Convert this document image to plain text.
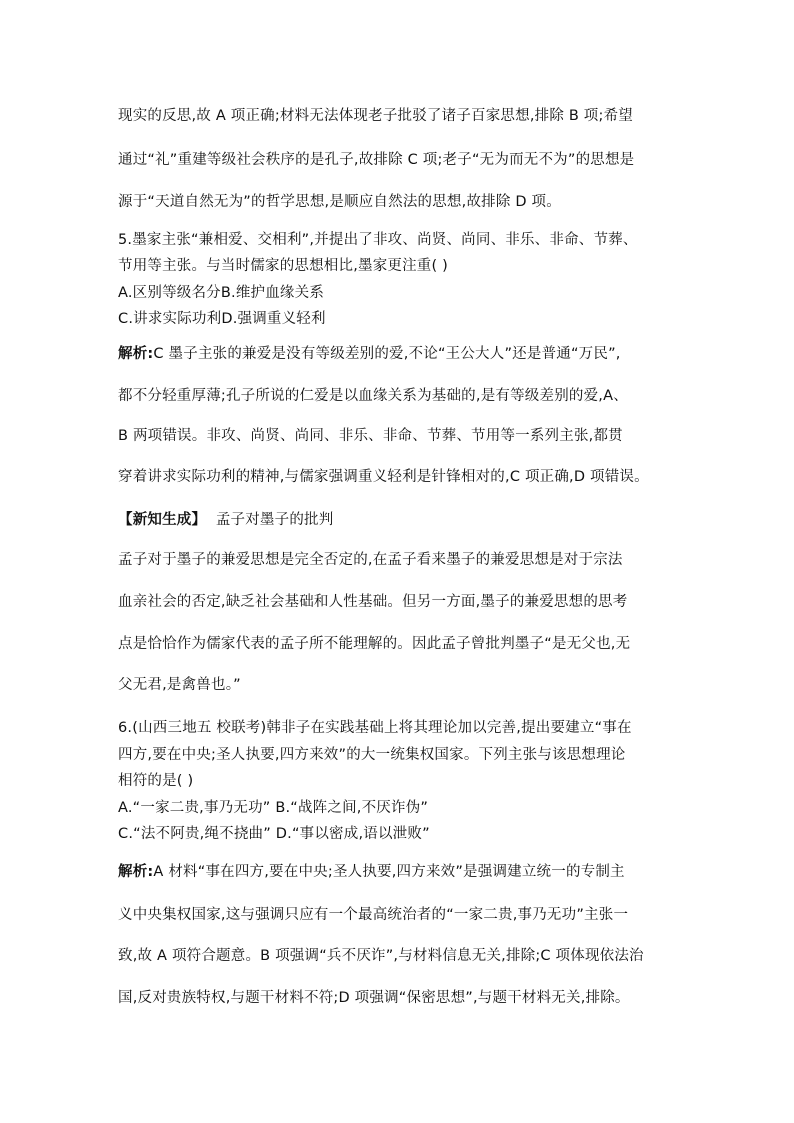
现实的反思,故 A 项正确;材料无法体现老子批驳了诸子百家思想,排除 B 项;希望
通过“礼”重建等级社会秩序的是孔子,故排除 C 项;老子“无为而无不为”的思想是
源于“天道自然无为”的哲学思想,是顺应自然法的思想,故排除 D 项。
5.墨家主张“兼相爱、交相利”,并提出了非攻、尚贤、尚同、非乐、非命、节葬、
节用等主张。与当时儒家的思想相比,墨家更注重( )
A.区别等级名分B.维护血缘关系
C.讲求实际功利D.强调重义轻利
解析:C 墨子主张的兼爱是没有等级差别的爱,不论“王公大人”还是普通“万民”,
都不分轻重厚薄;孔子所说的仁爱是以血缘关系为基础的,是有等级差别的爱,A、
B 两项错误。非攻、尚贤、尚同、非乐、非命、节葬、节用等一系列主张,都贯
穿着讲求实际功利的精神,与儒家强调重义轻利是针锋相对的,C 项正确,D 项错误。
【新知生成】 孟子对墨子的批判
孟子对于墨子的兼爱思想是完全否定的,在孟子看来墨子的兼爱思想是对于宗法
血亲社会的否定,缺乏社会基础和人性基础。但另一方面,墨子的兼爱思想的思考
点是恰恰作为儒家代表的孟子所不能理解的。因此孟子曾批判墨子“是无父也,无
父无君,是禽兽也。”
6.(山西三地五 校联考)韩非子在实践基础上将其理论加以完善,提出要建立“事在
四方,要在中央;圣人执要,四方来效”的大一统集权国家。下列主张与该思想理论
相符的是( )
A.“一家二贵,事乃无功” B.“战阵之间,不厌诈伪”
C.“法不阿贵,绳不挠曲” D.“事以密成,语以泄败”
解析:A 材料“事在四方,要在中央;圣人执要,四方来效”是强调建立统一的专制主
义中央集权国家,这与强调只应有一个最高统治者的“一家二贵,事乃无功”主张一
致,故 A 项符合题意。B 项强调“兵不厌诈”,与材料信息无关,排除;C 项体现依法治
国,反对贵族特权,与题干材料不符;D 项强调“保密思想”,与题干材料无关,排除。
